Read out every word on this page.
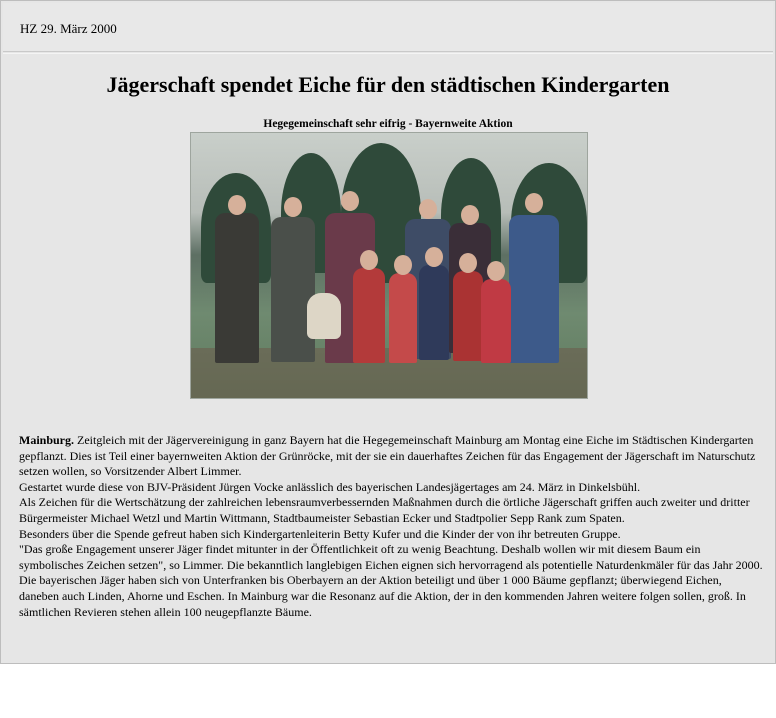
HZ 29. März 2000
Jägerschaft spendet Eiche für den städtischen Kindergarten
Hegegemeinschaft sehr eifrig - Bayernweite Aktion

Mainburg. Zeitgleich mit der Jägervereinigung in ganz Bayern hat die Hegegemeinschaft Mainburg am Montag eine Eiche im Städtischen Kindergarten gepflanzt. Dies ist Teil einer bayernweiten Aktion der Grünröcke, mit der sie ein dauerhaftes Zeichen für das Engagement der Jägerschaft im Naturschutz setzen wollen, so Vorsitzender Albert Limmer.

Gestartet wurde diese von BJV-Präsident Jürgen Vocke anlässlich des bayerischen Landesjägertages am 24. März in Dinkelsbühl.

Als Zeichen für die Wertschätzung der zahlreichen lebensraumverbessernden Maßnahmen durch die örtliche Jägerschaft griffen auch zweiter und dritter Bürgermeister Michael Wetzl und Martin Wittmann, Stadtbaumeister Sebastian Ecker und Stadtpolier Sepp Rank zum Spaten.

Besonders über die Spende gefreut haben sich Kindergartenleiterin Betty Kufer und die Kinder der von ihr betreuten Gruppe.

"Das große Engagement unserer Jäger findet mitunter in der Öffentlichkeit oft zu wenig Beachtung. Deshalb wollen wir mit diesem Baum ein symbolisches Zeichen setzen", so Limmer. Die bekanntlich langlebigen Eichen eignen sich hervorragend als potentielle Naturdenkmäler für das Jahr 2000.

Die bayerischen Jäger haben sich von Unterfranken bis Oberbayern an der Aktion beteiligt und über 1 000 Bäume gepflanzt; überwiegend Eichen, daneben auch Linden, Ahorne und Eschen. In Mainburg war die Resonanz auf die Aktion, der in den kommenden Jahren weitere folgen sollen, groß. In sämtlichen Revieren stehen allein 100 neugepflanzte Bäume.
